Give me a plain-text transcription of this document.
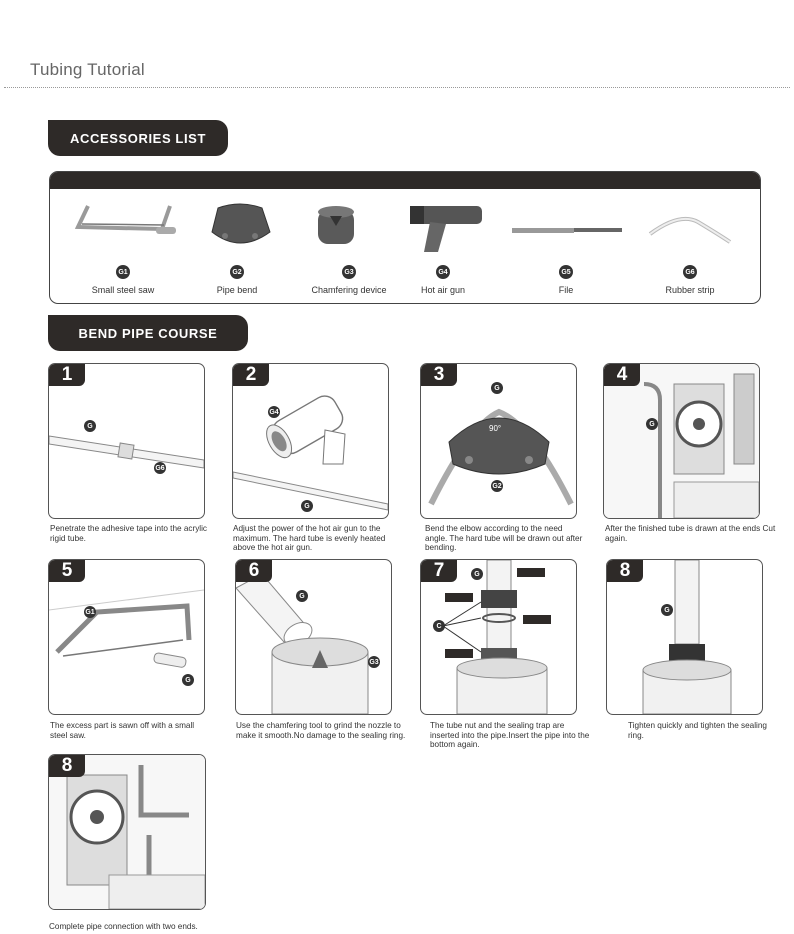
Tubing Tutorial
ACCESSORIES LIST
G1
Small steel saw
G2
Pipe bend
G3
Chamfering device
G4
Hot air gun
G5
File
G6
Rubber strip
BEND PIPE COURSE
1
G
G6
Penetrate the adhesive tape into the acrylic rigid tube.
2
G4
G
Adjust the power of the hot air gun to the maximum. The hard tube is evenly heated above the hot air gun.
3
90°
G
G2
Bend the elbow according to the need angle. The hard tube will be drawn out after bending.
4
G
After the finished tube is drawn at the ends Cut again.
5
G1
G
The excess part is sawn off with a small steel saw.
6
G
G3
Use the chamfering tool to grind the nozzle to make it smooth.No damage to the sealing ring.
7	G
C
The tube nut and the sealing trap are inserted into the pipe.Insert the pipe into the bottom again.
8
G
Tighten quickly and tighten the sealing ring.
8
Complete pipe connection with two ends.
